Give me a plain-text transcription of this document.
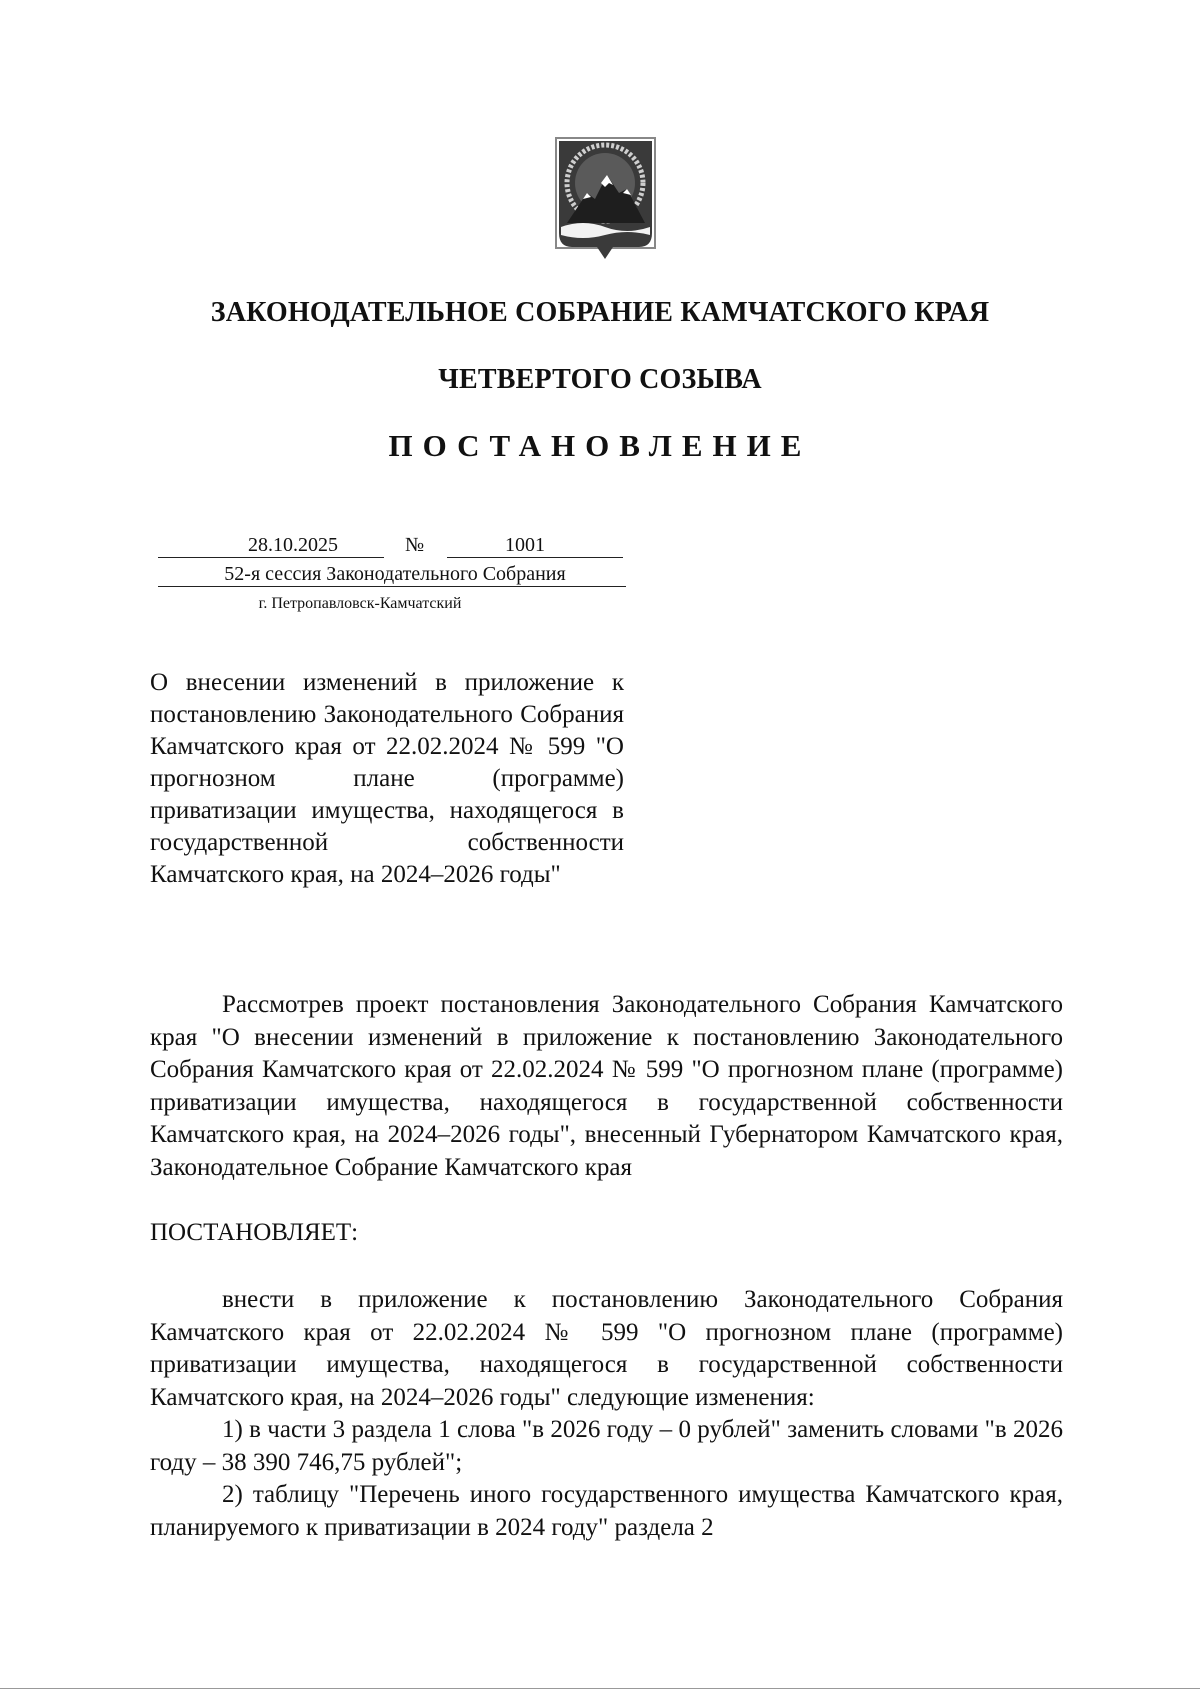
ЗАКОНОДАТЕЛЬНОЕ СОБРАНИЕ КАМЧАТСКОГО КРАЯ
ЧЕТВЕРТОГО СОЗЫВА
ПОСТАНОВЛЕНИЕ
28.10.2025	№	1001
52-я сессия Законодательного Собрания
г. Петропавловск-Камчатский

О внесении изменений в приложение к постановлению Законодательного Собрания Камчатского края от 22.02.2024 № 599 "О прогнозном плане (программе) приватизации имущества, находящегося в государственной собственности Камчатского края, на 2024–2026 годы"

Рассмотрев проект постановления Законодательного Собрания Камчатского края "О внесении изменений в приложение к постановлению Законодательного Собрания Камчатского края от 22.02.2024 № 599 "О прогнозном плане (программе) приватизации имущества, находящегося в государственной собственности Камчатского края, на 2024–2026 годы", внесенный Губернатором Камчатского края, Законодательное Собрание Камчатского края

ПОСТАНОВЛЯЕТ:

внести в приложение к постановлению Законодательного Собрания Камчатского края от 22.02.2024 № 599 "О прогнозном плане (программе) приватизации имущества, находящегося в государственной собственности Камчатского края, на 2024–2026 годы" следующие изменения:

1) в части 3 раздела 1 слова "в 2026 году – 0 рублей" заменить словами "в 2026 году – 38 390 746,75 рублей";

2) таблицу "Перечень иного государственного имущества Камчатского края, планируемого к приватизации в 2024 году" раздела 2
